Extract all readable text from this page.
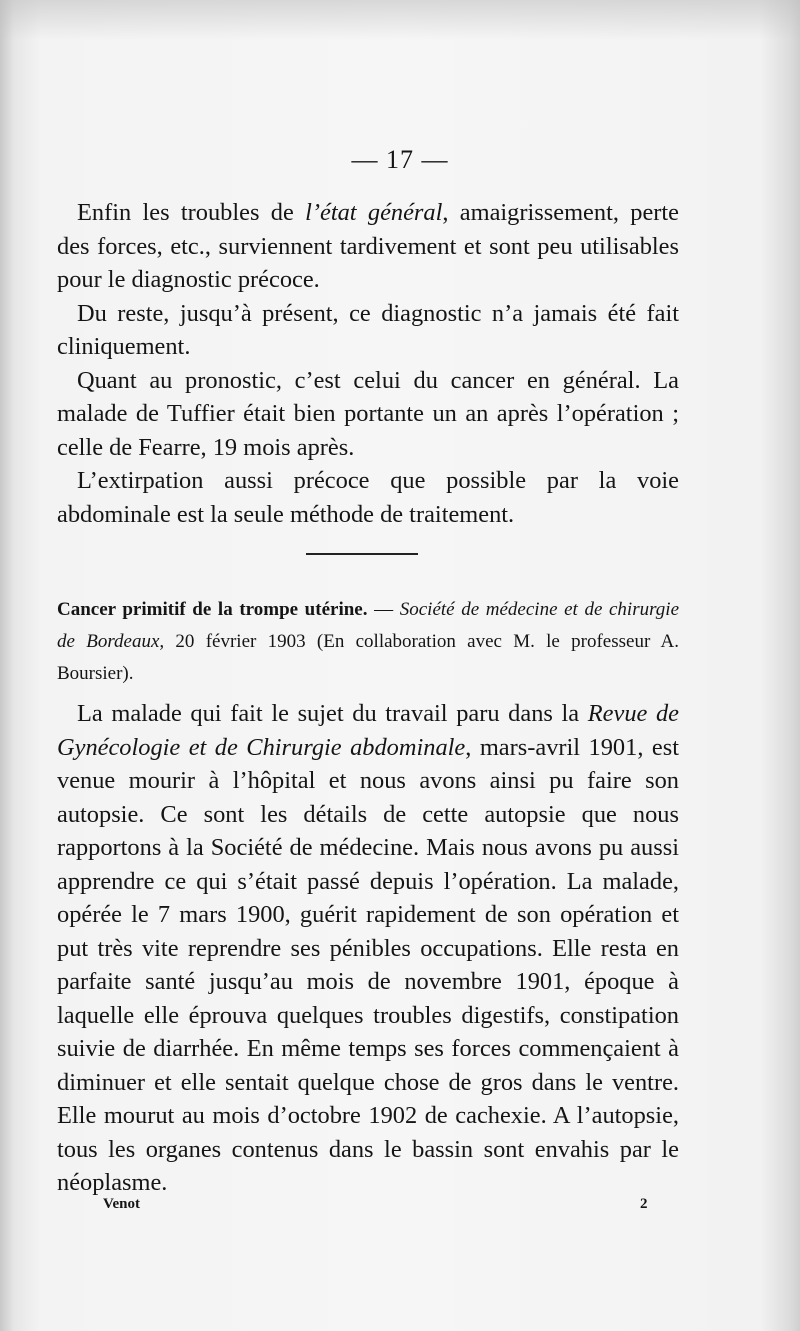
— 17 —

Enfin les troubles de l’état général, amaigrissement, perte des forces, etc., surviennent tardivement et sont peu utilisables pour le diagnostic précoce.

Du reste, jusqu’à présent, ce diagnostic n’a jamais été fait cliniquement.

Quant au pronostic, c’est celui du cancer en général. La malade de Tuffier était bien portante un an après l’opération ; celle de Fearre, 19 mois après.

L’extirpation aussi précoce que possible par la voie abdominale est la seule méthode de traitement.

Cancer primitif de la trompe utérine. — Société de médecine et de chirurgie de Bordeaux, 20 février 1903 (En collaboration avec M. le professeur A. Boursier).

La malade qui fait le sujet du travail paru dans la Revue de Gynécologie et de Chirurgie abdominale, mars-avril 1901, est venue mourir à l’hôpital et nous avons ainsi pu faire son autopsie. Ce sont les détails de cette autopsie que nous rapportons à la Société de médecine. Mais nous avons pu aussi apprendre ce qui s’était passé depuis l’opération. La malade, opérée le 7 mars 1900, guérit rapidement de son opération et put très vite reprendre ses pénibles occupations. Elle resta en parfaite santé jusqu’au mois de novembre 1901, époque à laquelle elle éprouva quelques troubles digestifs, constipation suivie de diarrhée. En même temps ses forces commençaient à diminuer et elle sentait quelque chose de gros dans le ventre. Elle mourut au mois d’octobre 1902 de cachexie. A l’autopsie, tous les organes contenus dans le bassin sont envahis par le néoplasme.

Venot	2
